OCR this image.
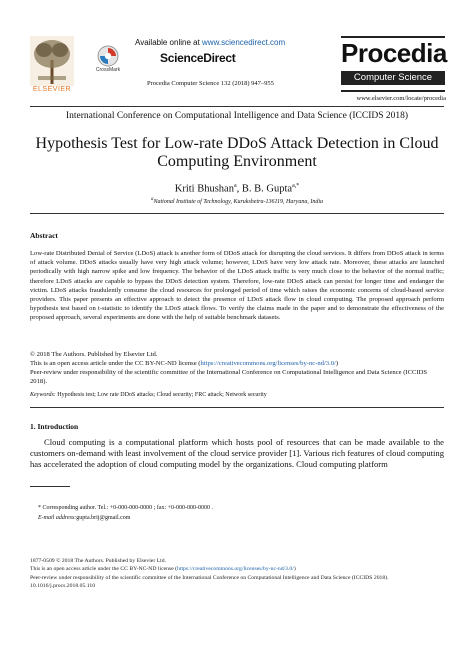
ELSEVIER
CrossMark
Available online at www.sciencedirect.com
ScienceDirect
Procedia Computer Science 132 (2018) 947–955
Procedia
Computer Science
www.elsevier.com/locate/procedia
International Conference on Computational Intelligence and Data Science (ICCIDS 2018)
Hypothesis Test for Low-rate DDoS Attack Detection in Cloud
Computing Environment
Kriti Bhushan$^a$, B. B. Gupta$^{a,*}$
$^a$National Institute of Technology, Kurukshetra-136119, Haryana, India
Abstract
Low-rate Distributed Denial of Service (LDoS) attack is another form of DDoS attack for disrupting the cloud services. It differs from DDoS attack in terms of attack volume. DDoS attacks usually have very high attack volume; however, LDoS have very low attack rate. Moreover, these attacks are launched periodically with high narrow spike and low frequency. The behavior of the LDoS attack traffic is very much close to the behavior of the normal traffic; therefore LDoS attacks are capable to bypass the DDoS detection system. Therefore, low-rate DDoS attack can persist for longer time and endanger the victim. LDoS attacks fraudulently consume the cloud resources for prolonged period of time which raises the economic concerns of cloud-based service providers. This paper presents an effective approach to detect the presence of LDoS attack flow in cloud computing. The proposed approach perform hypothesis test based on t-statistic to identify the LDoS attack flows. To verify the claims made in the paper and to demonstrate the effectiveness of the proposed approach, several experiments are done with the help of suitable benchmark datasets.
© 2018 The Authors. Published by Elsevier Ltd.
This is an open access article under the CC BY-NC-ND license (https://creativecommons.org/licenses/by-nc-nd/3.0/)
Peer-review under responsibility of the scientific committee of the International Conference on Computational Intelligence and Data Science (ICCIDS 2018).
Keywords: Hypothesis test; Low rate DDoS attacks; Cloud security; FRC attack; Network security
1. Introduction
Cloud computing is a computational platform which hosts pool of resources that can be made available to the customers on-demand with least involvement of the cloud service provider [1]. Various rich features of cloud computing has accelerated the adoption of cloud computing model by the organizations. Cloud computing platform
* Corresponding author. Tel.: +0-000-000-0000 ; fax: +0-000-000-0000 .
E-mail address:gupta.brij@gmail.com
1877-0509 © 2018 The Authors. Published by Elsevier Ltd.
This is an open access article under the CC BY-NC-ND license (https://creativecommons.org/licenses/by-nc-nd/3.0/)
Peer-review under responsibility of the scientific committee of the International Conference on Computational Intelligence and Data Science (ICCIDS 2018).
10.1016/j.procs.2018.05.110
